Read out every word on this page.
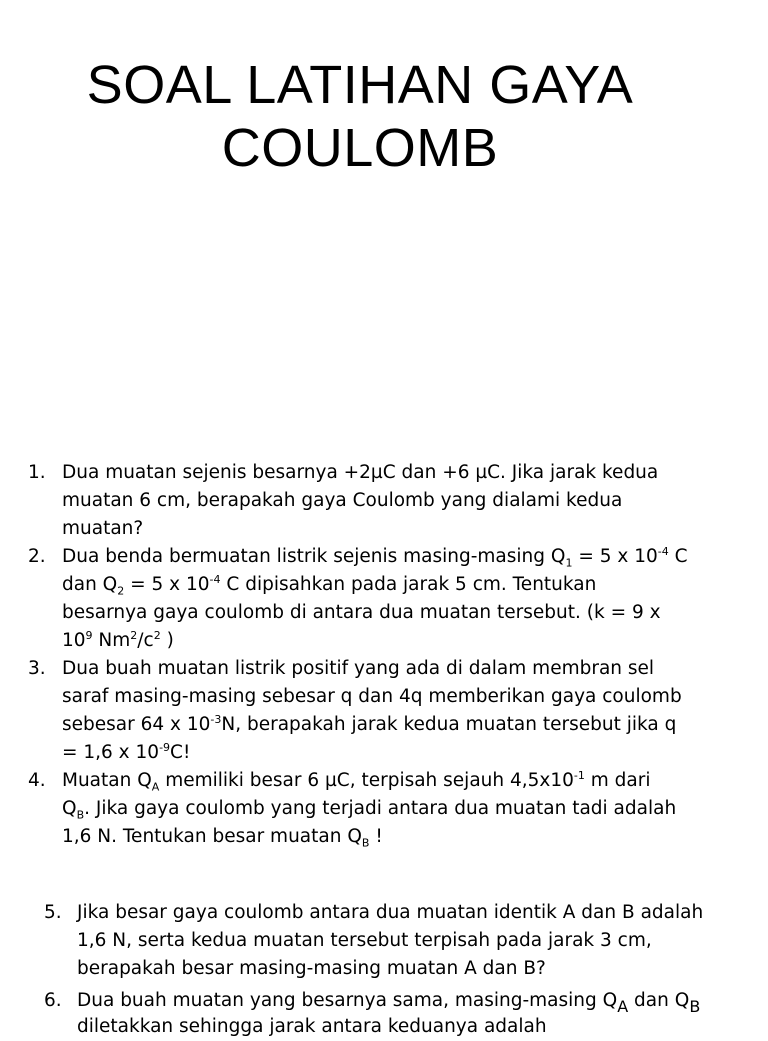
SOAL LATIHAN GAYA
COULOMB
1. Dua muatan sejenis besarnya +2µC dan +6 µC. Jika jarak kedua
muatan 6 cm, berapakah gaya Coulomb yang dialami kedua
muatan?
2. Dua benda bermuatan listrik sejenis masing-masing $Q_1 = 5$ x $10^{-4}$ C
dan $Q_2 = 5$ x $10^{-4}$ C dipisahkan pada jarak 5 cm. Tentukan
besarnya gaya coulomb di antara dua muatan tersebut. (k = 9 x
$10^9$ $Nm^2/c^2$ )
3. Dua buah muatan listrik positif yang ada di dalam membran sel
saraf masing-masing sebesar q dan 4q memberikan gaya coulomb
sebesar 64 x $10^{-3}N$, berapakah jarak kedua muatan tersebut jika q
= 1,6 x $10^{-9}C$!
4. Muatan $Q_A$ memiliki besar 6 µC, terpisah sejauh $4,5x10^{-1}$ m dari
$Q_B$. Jika gaya coulomb yang terjadi antara dua muatan tadi adalah
1,6 N. Tentukan besar muatan $Q_B$ !
5. Jika besar gaya coulomb antara dua muatan identik A dan B adalah
1,6 N, serta kedua muatan tersebut terpisah pada jarak 3 cm,
berapakah besar masing-masing muatan A dan B?
6. Dua buah muatan yang besarnya sama, masing-masing QA dan QB
diletakkan sehingga jarak antara keduanya adalah
